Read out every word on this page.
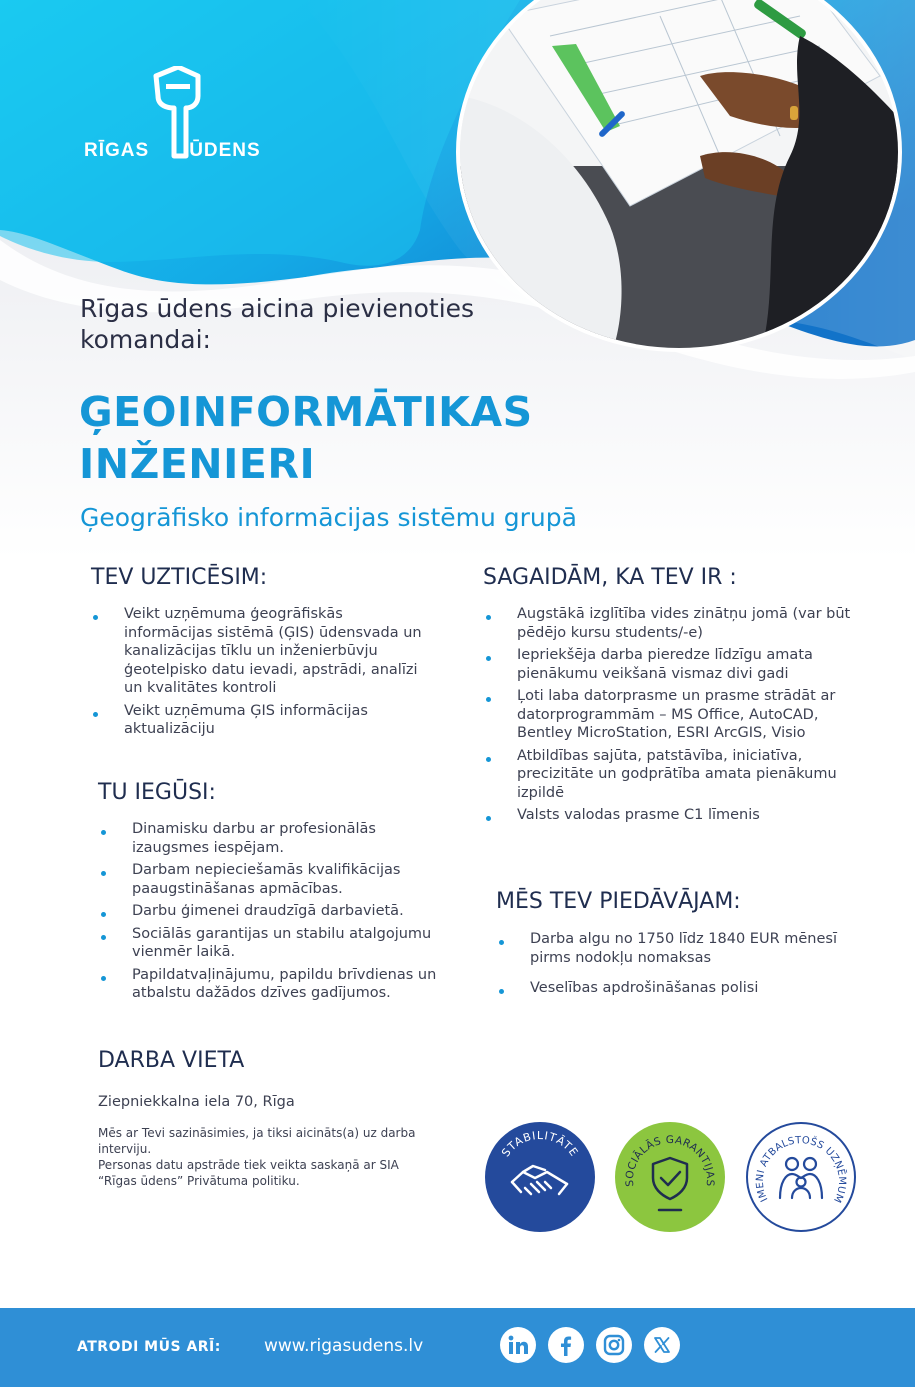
RĪGAS ŪDENS
Rīgas ūdens aicina pievienoties komandai:
ĢEOINFORMĀTIKAS
INŽENIERI
Ģeogrāfisko informācijas sistēmu grupā
TEV UZTICĒSIM:
Veikt uzņēmuma ģeogrāfiskās informācijas sistēmā (ĢIS) ūdensvada un kanalizācijas tīklu un inženierbūvju ģeotelpisko datu ievadi, apstrādi, analīzi un kvalitātes kontroli
Veikt uzņēmuma ĢIS informācijas aktualizāciju
TU IEGŪSI:
Dinamisku darbu ar profesionālās izaugsmes iespējam.
Darbam nepieciešamās kvalifikācijas paaugstināšanas apmācības.
Darbu ģimenei draudzīgā darbavietā.
Sociālās garantijas un stabilu atalgojumu vienmēr laikā.
Papildatvaļinājumu, papildu brīvdienas un atbalstu dažādos dzīves gadījumos.
SAGAIDĀM, KA TEV IR :
Augstākā izglītība vides zinātņu jomā (var būt pēdējo kursu students/-e)
Iepriekšēja darba pieredze līdzīgu amata pienākumu veikšanā vismaz divi gadi
Ļoti laba datorprasme un prasme strādāt ar datorprogrammām – MS Office, AutoCAD, Bentley MicroStation, ESRI ArcGIS, Visio
Atbildības sajūta, patstāvība, iniciatīva, precizitāte un godprātība amata pienākumu izpildē
Valsts valodas prasme C1 līmenis
MĒS TEV PIEDĀVĀJAM:
Darba algu no 1750 līdz 1840 EUR mēnesī pirms nodokļu nomaksas
Veselības apdrošināšanas polisi
DARBA VIETA
Ziepniekkalna iela 70, Rīga
Mēs ar Tevi sazināsimies, ja tiksi aicināts(a) uz darba interviju.
Personas datu apstrāde tiek veikta saskaņā ar SIA “Rīgas ūdens” Privātuma politiku.
STABILITĀTE
SOCIĀLĀS GARANTIJAS
IMENI ATBALSTOŠS UZŅĒMUM
ATRODI MŪS ARĪ:	www.rigasudens.lv
